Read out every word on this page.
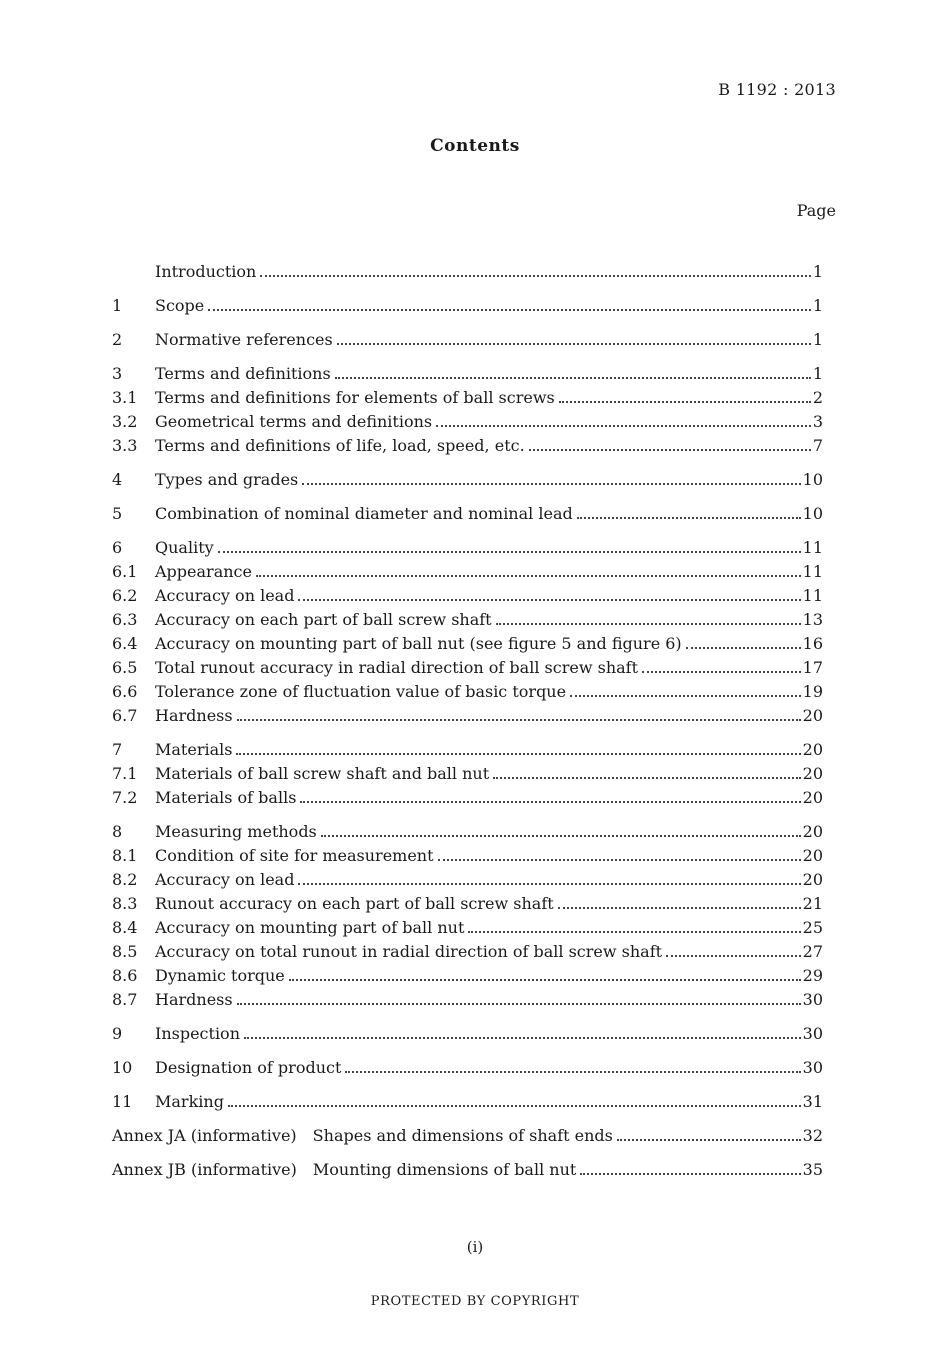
B 1192 : 2013
Contents
Page
Introduction	1
1	Scope	1
2	Normative references	1
3	Terms and definitions	1
3.1	Terms and definitions for elements of ball screws	2
3.2	Geometrical terms and definitions	3
3.3	Terms and definitions of life, load, speed, etc.	7
4	Types and grades	10
5	Combination of nominal diameter and nominal lead	10
6	Quality	11
6.1	Appearance	11
6.2	Accuracy on lead	11
6.3	Accuracy on each part of ball screw shaft	13
6.4	Accuracy on mounting part of ball nut (see figure 5 and figure 6)	16
6.5	Total runout accuracy in radial direction of ball screw shaft	17
6.6	Tolerance zone of fluctuation value of basic torque	19
6.7	Hardness	20
7	Materials	20
7.1	Materials of ball screw shaft and ball nut	20
7.2	Materials of balls	20
8	Measuring methods	20
8.1	Condition of site for measurement	20
8.2	Accuracy on lead	20
8.3	Runout accuracy on each part of ball screw shaft	21
8.4	Accuracy on mounting part of ball nut	25
8.5	Accuracy on total runout in radial direction of ball screw shaft	27
8.6	Dynamic torque	29
8.7	Hardness	30
9	Inspection	30
10	Designation of product	30
11	Marking	31
Annex JA (informative) Shapes and dimensions of shaft ends	32
Annex JB (informative) Mounting dimensions of ball nut	35
(i)
PROTECTED BY COPYRIGHT
